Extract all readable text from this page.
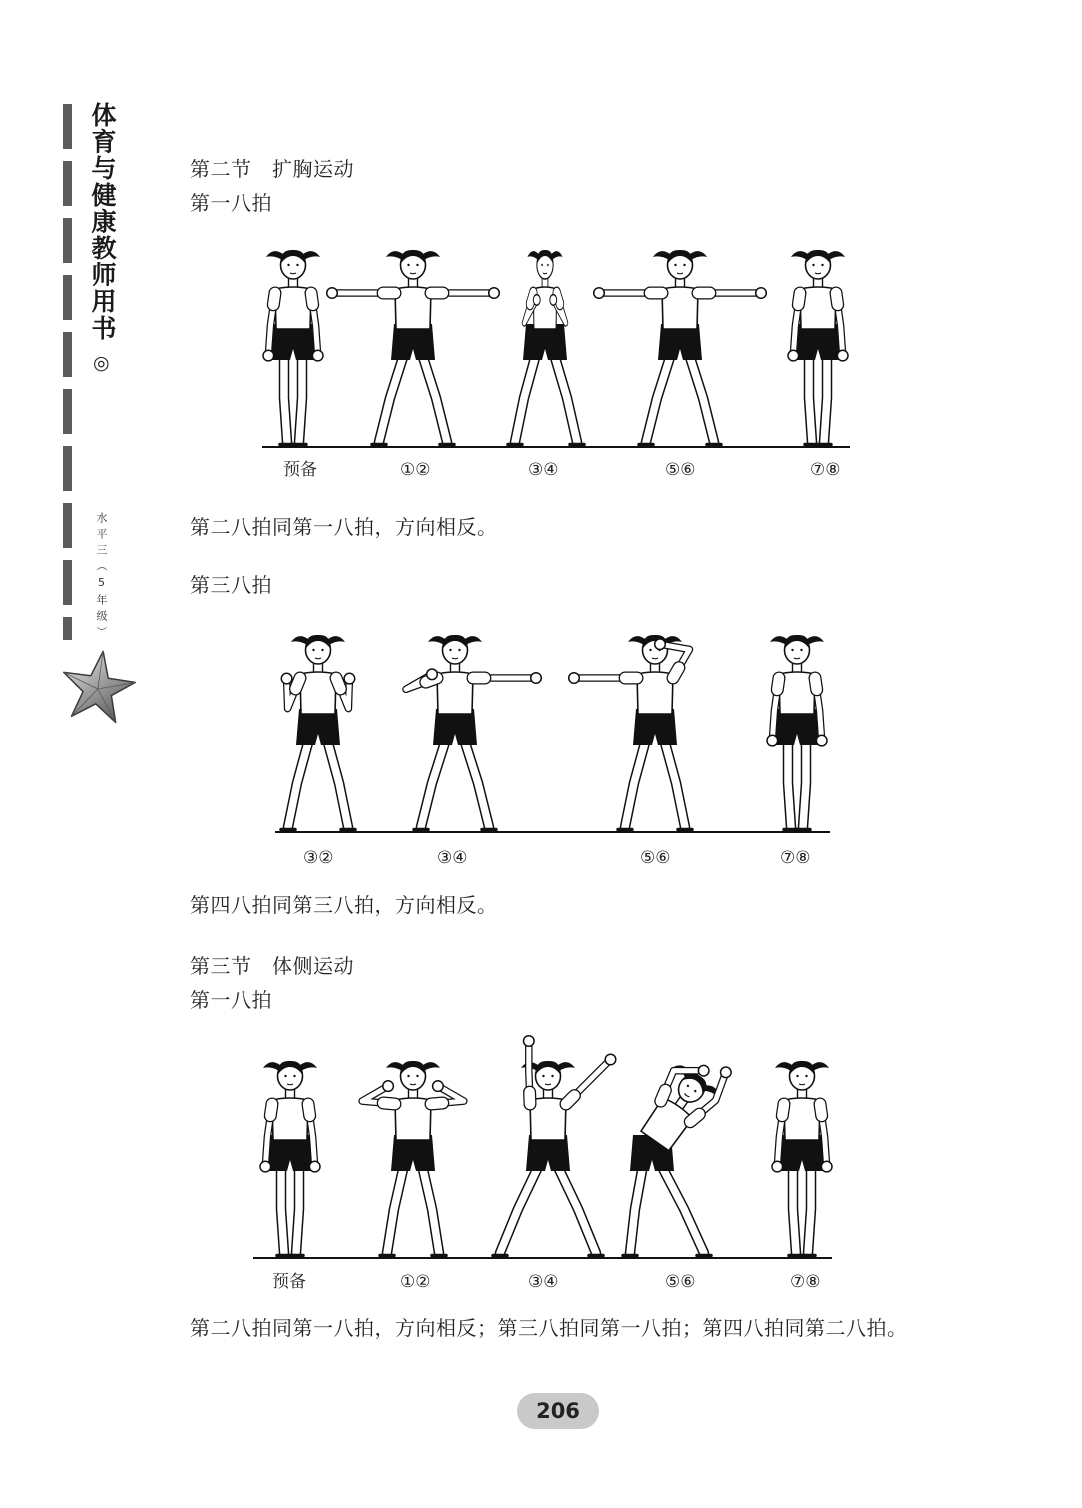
体育与健康教师用书
◎
水平三（5年级）
第二节　扩胸运动
第一八拍
预备	①②	③④	⑤⑥	⑦⑧
第二八拍同第一八拍，方向相反。
第三八拍
③②	③④	⑤⑥	⑦⑧
第四八拍同第三八拍，方向相反。
第三节　体侧运动
第一八拍
预备	①②	③④	⑤⑥	⑦⑧
第二八拍同第一八拍，方向相反；第三八拍同第一八拍；第四八拍同第二八拍。
206
